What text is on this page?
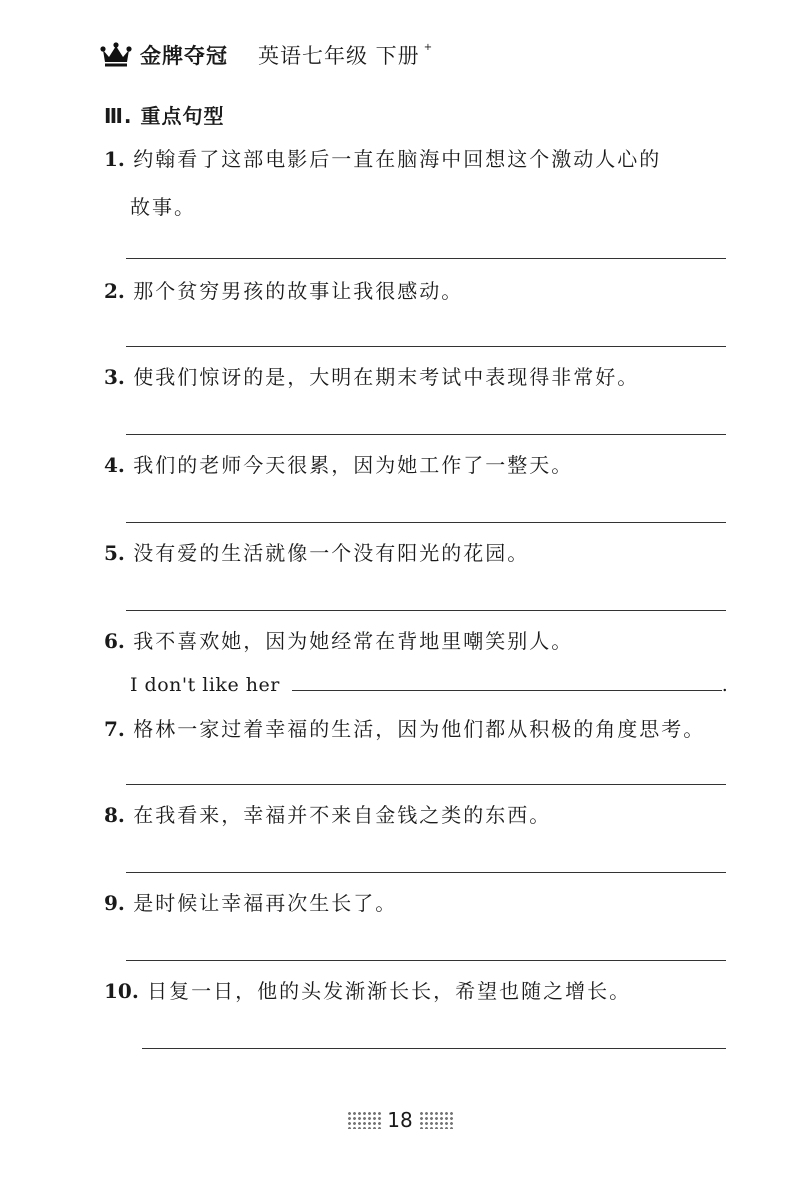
金牌夺冠 英语七年级 下册 +
Ⅲ. 重点句型
1. 约翰看了这部电影后一直在脑海中回想这个激动人心的
故事。
2. 那个贫穷男孩的故事让我很感动。
3. 使我们惊讶的是，大明在期末考试中表现得非常好。
4. 我们的老师今天很累，因为她工作了一整天。
5. 没有爱的生活就像一个没有阳光的花园。
6. 我不喜欢她，因为她经常在背地里嘲笑别人。
I don't like her	.
7. 格林一家过着幸福的生活，因为他们都从积极的角度思考。
8. 在我看来，幸福并不来自金钱之类的东西。
9. 是时候让幸福再次生长了。
10. 日复一日，他的头发渐渐长长，希望也随之增长。
18
